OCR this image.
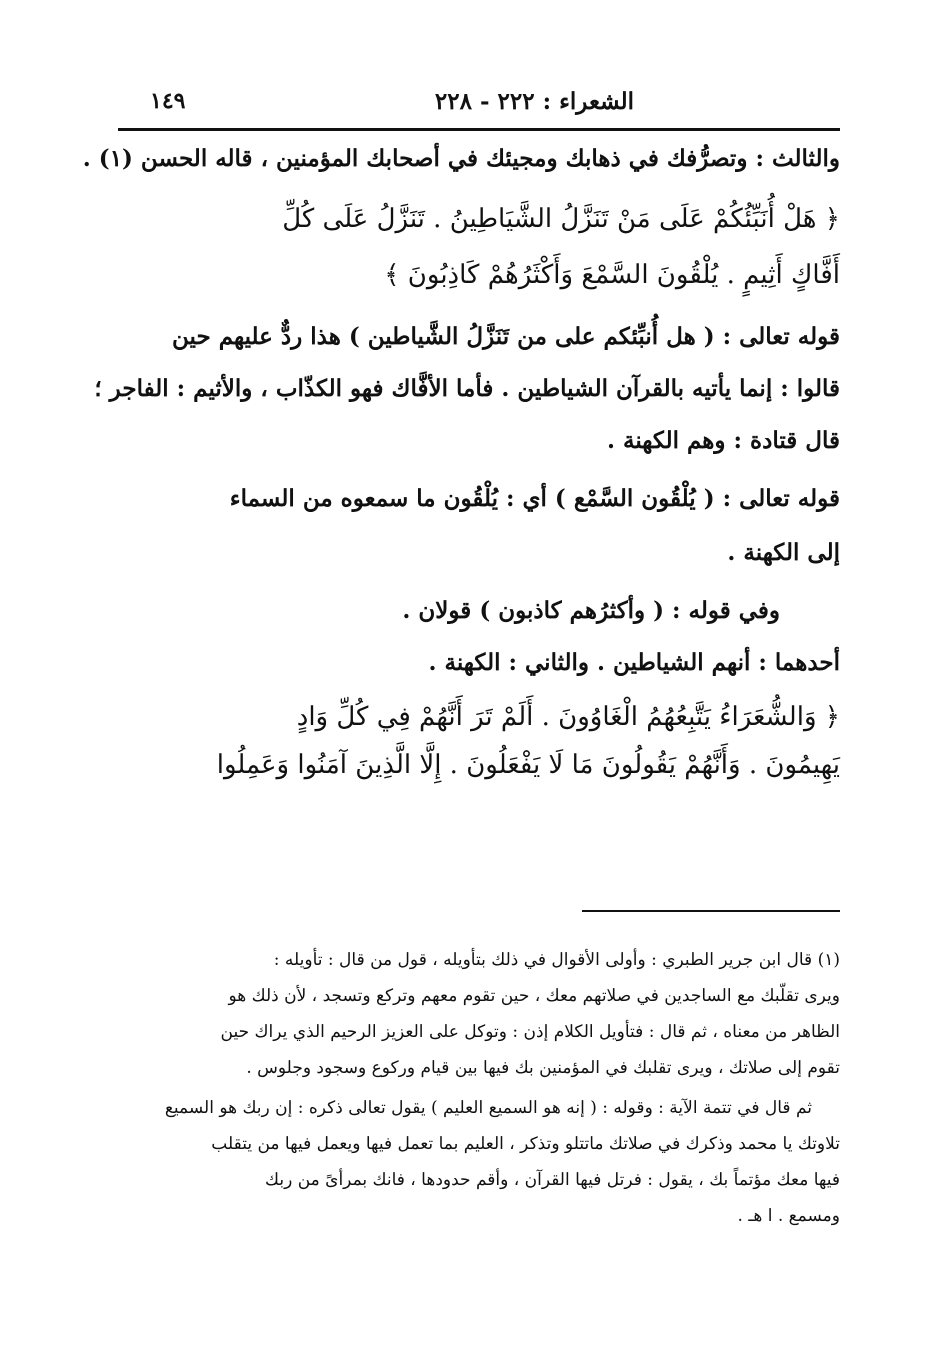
الشعراء : ٢٢٢ - ٢٢٨
١٤٩
والثالث : وتصرُّفك في ذهابك ومجيئك في أصحابك المؤمنين ، قاله الحسن (١) .
﴿ هَلْ أُنَبِّئُكُمْ عَلَى مَنْ تَنَزَّلُ الشَّيَاطِينُ . تَنَزَّلُ عَلَى كُلِّ
أَفَّاكٍ أَثِيمٍ . يُلْقُونَ السَّمْعَ وَأَكْثَرُهُمْ كَاذِبُونَ ﴾
قوله تعالى : ( هل أُنبِّئكم على من تَنَزَّلُ الشَّياطين ) هذا ردٌّ عليهم حين
قالوا : إنما يأتيه بالقرآن الشياطين . فأما الأفَّاك فهو الكذّاب ، والأثيم : الفاجر ؛
قال قتادة : وهم الكهنة .
قوله تعالى : ( يُلْقُون السَّمْع ) أي : يُلْقُون ما سمعوه من السماء
إلى الكهنة .
وفي قوله : ( وأكثرُهم كاذبون ) قولان .
أحدهما : أنهم الشياطين . والثاني : الكهنة .
﴿ وَالشُّعَرَاءُ يَتَّبِعُهُمُ الْغَاوُونَ . أَلَمْ تَرَ أَنَّهُمْ فِي كُلِّ وَادٍ
يَهِيمُونَ . وَأَنَّهُمْ يَقُولُونَ مَا لَا يَفْعَلُونَ . إِلَّا الَّذِينَ آمَنُوا وَعَمِلُوا
(١) قال ابن جرير الطبري : وأولى الأقوال في ذلك بتأويله ، قول من قال : تأويله :
ويرى تقلّبك مع الساجدين في صلاتهم معك ، حين تقوم معهم وتركع وتسجد ، لأن ذلك هو
الظاهر من معناه ، ثم قال : فتأويل الكلام إذن : وتوكل على العزيز الرحيم الذي يراك حين
تقوم إلى صلاتك ، ويرى تقلبك في المؤمنين بك فيها بين قيام وركوع وسجود وجلوس .
ثم قال في تتمة الآية : وقوله : ( إنه هو السميع العليم ) يقول تعالى ذكره : إن ربك هو السميع
تلاوتك يا محمد وذكرك في صلاتك ماتتلو وتذكر ، العليم بما تعمل فيها ويعمل فيها من يتقلب
فيها معك مؤتماً بك ، يقول : فرتل فيها القرآن ، وأقم حدودها ، فانك بمرأىً من ربك
ومسمع . ا هـ .
